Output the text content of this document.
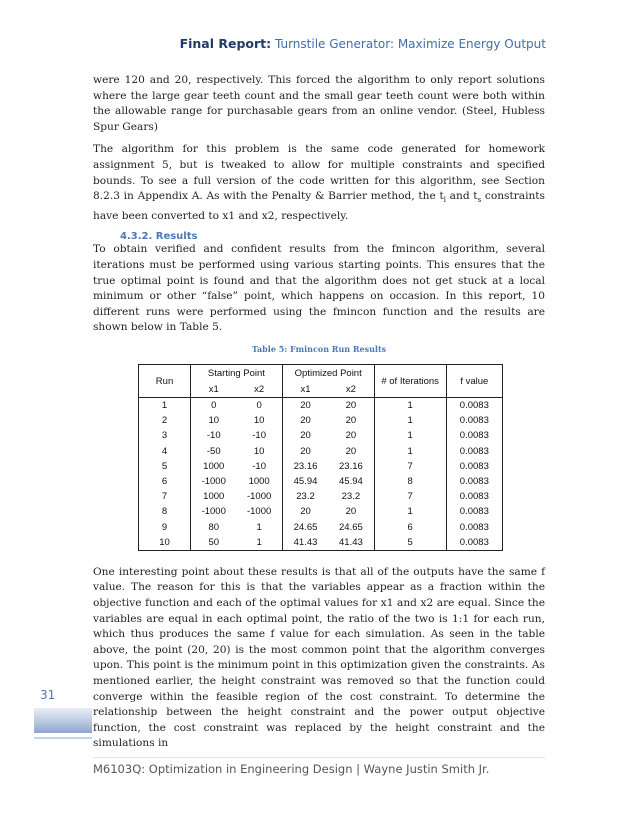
Final Report: Turnstile Generator: Maximize Energy Output

were 120 and 20, respectively. This forced the algorithm to only report solutions where the large gear teeth count and the small gear teeth count were both within the allowable range for purchasable gears from an online vendor. (Steel, Hubless Spur Gears)

The algorithm for this problem is the same code generated for homework assignment 5, but is tweaked to allow for multiple constraints and specified bounds. To see a full version of the code written for this algorithm, see Section 8.2.3 in Appendix A. As with the Penalty & Barrier method, the $t_l$ and $t_s$ constraints have been converted to x1 and x2, respectively.

4.3.2. Results

To obtain verified and confident results from the fmincon algorithm, several iterations must be performed using various starting points. This ensures that the true optimal point is found and that the algorithm does not get stuck at a local minimum or other “false” point, which happens on occasion. In this report, 10 different runs were performed using the fmincon function and the results are shown below in Table 5.

Table 5: Fmincon Run Results
Run	Starting Point		Optimized Point		# of Iterations	f value
	x1	x2	x1	x2		
1	0	0	20	20	1	0.0083
2	10	10	20	20	1	0.0083
3	-10	-10	20	20	1	0.0083
4	-50	10	20	20	1	0.0083
5	1000	-10	23.16	23.16	7	0.0083
6	-1000	1000	45.94	45.94	8	0.0083
7	1000	-1000	23.2	23.2	7	0.0083
8	-1000	-1000	20	20	1	0.0083
9	80	1	24.65	24.65	6	0.0083
10	50	1	41.43	41.43	5	0.0083

One interesting point about these results is that all of the outputs have the same f value. The reason for this is that the variables appear as a fraction within the objective function and each of the optimal values for x1 and x2 are equal. Since the variables are equal in each optimal point, the ratio of the two is 1:1 for each run, which thus produces the same f value for each simulation. As seen in the table above, the point (20, 20) is the most common point that the algorithm converges upon. This point is the minimum point in this optimization given the constraints. As mentioned earlier, the height constraint was removed so that the function could converge within the feasible region of the cost constraint. To determine the relationship between the height constraint and the power output objective function, the cost constraint was replaced by the height constraint and the simulations in

31
M6103Q: Optimization in Engineering Design | Wayne Justin Smith Jr.
